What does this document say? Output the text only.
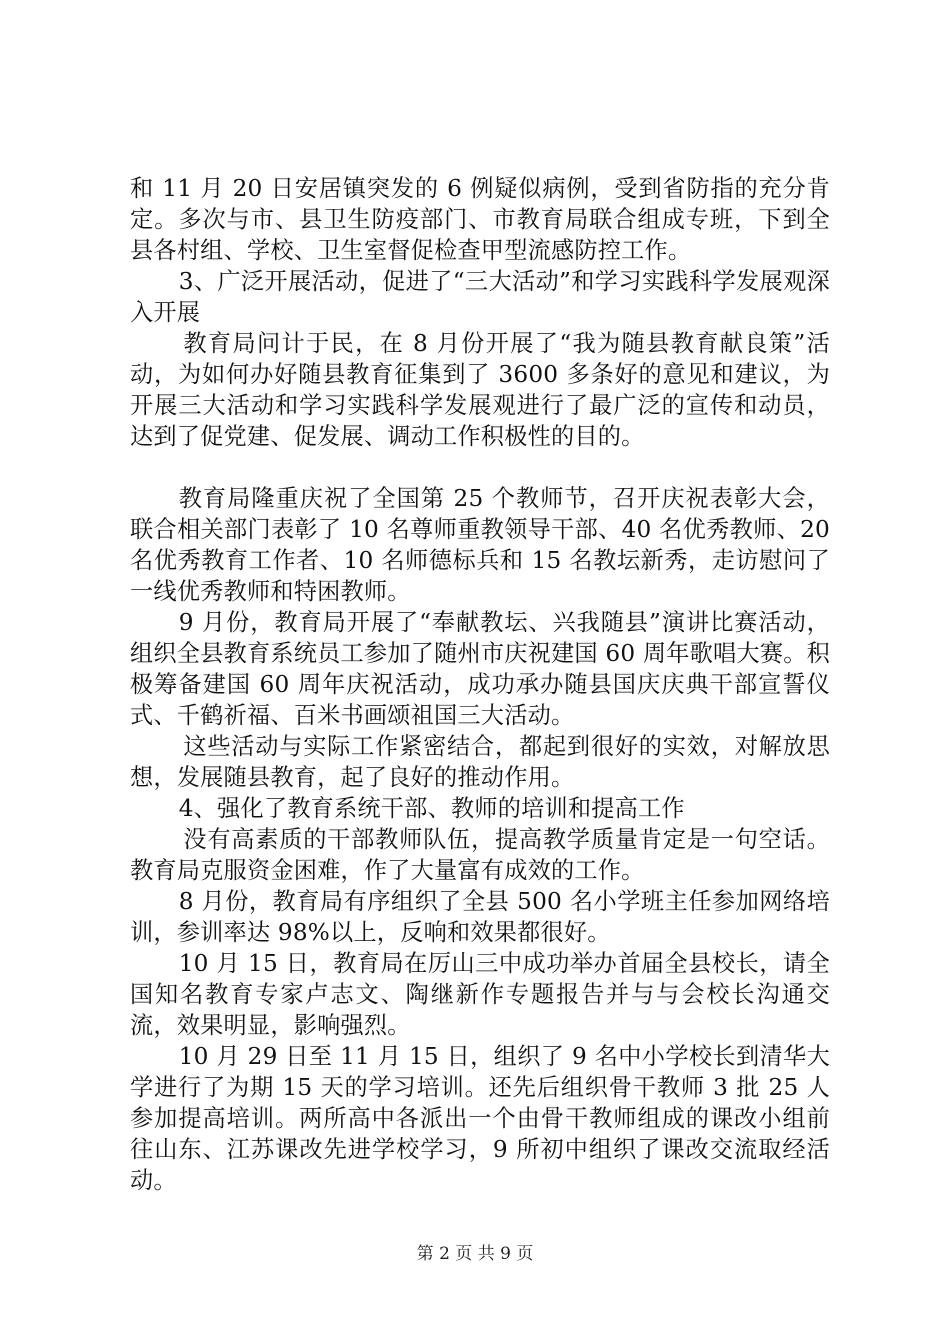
和 11 月 20 日安居镇突发的 6 例疑似病例，受到省防指的充分肯定。多次与市、县卫生防疫部门、市教育局联合组成专班，下到全县各村组、学校、卫生室督促检查甲型流感防控工作。

3、广泛开展活动，促进了“三大活动”和学习实践科学发展观深入开展

教育局问计于民，在 8 月份开展了“我为随县教育献良策”活动，为如何办好随县教育征集到了 3600 多条好的意见和建议，为开展三大活动和学习实践科学发展观进行了最广泛的宣传和动员，达到了促党建、促发展、调动工作积极性的目的。

教育局隆重庆祝了全国第 25 个教师节，召开庆祝表彰大会，联合相关部门表彰了 10 名尊师重教领导干部、40 名优秀教师、20 名优秀教育工作者、10 名师德标兵和 15 名教坛新秀，走访慰问了一线优秀教师和特困教师。

9 月份，教育局开展了“奉献教坛、兴我随县”演讲比赛活动，组织全县教育系统员工参加了随州市庆祝建国 60 周年歌唱大赛。积极筹备建国 60 周年庆祝活动，成功承办随县国庆庆典干部宣誓仪式、千鹤祈福、百米书画颂祖国三大活动。

这些活动与实际工作紧密结合，都起到很好的实效，对解放思想，发展随县教育，起了良好的推动作用。

4、强化了教育系统干部、教师的培训和提高工作

没有高素质的干部教师队伍，提高教学质量肯定是一句空话。教育局克服资金困难，作了大量富有成效的工作。

8 月份，教育局有序组织了全县 500 名小学班主任参加网络培训，参训率达 98%以上，反响和效果都很好。

10 月 15 日，教育局在厉山三中成功举办首届全县校长，请全国知名教育专家卢志文、陶继新作专题报告并与与会校长沟通交流，效果明显，影响强烈。

10 月 29 日至 11 月 15 日，组织了 9 名中小学校长到清华大学进行了为期 15 天的学习培训。还先后组织骨干教师 3 批 25 人参加提高培训。两所高中各派出一个由骨干教师组成的课改小组前往山东、江苏课改先进学校学习，9 所初中组织了课改交流取经活动。

第 2 页 共 9 页
